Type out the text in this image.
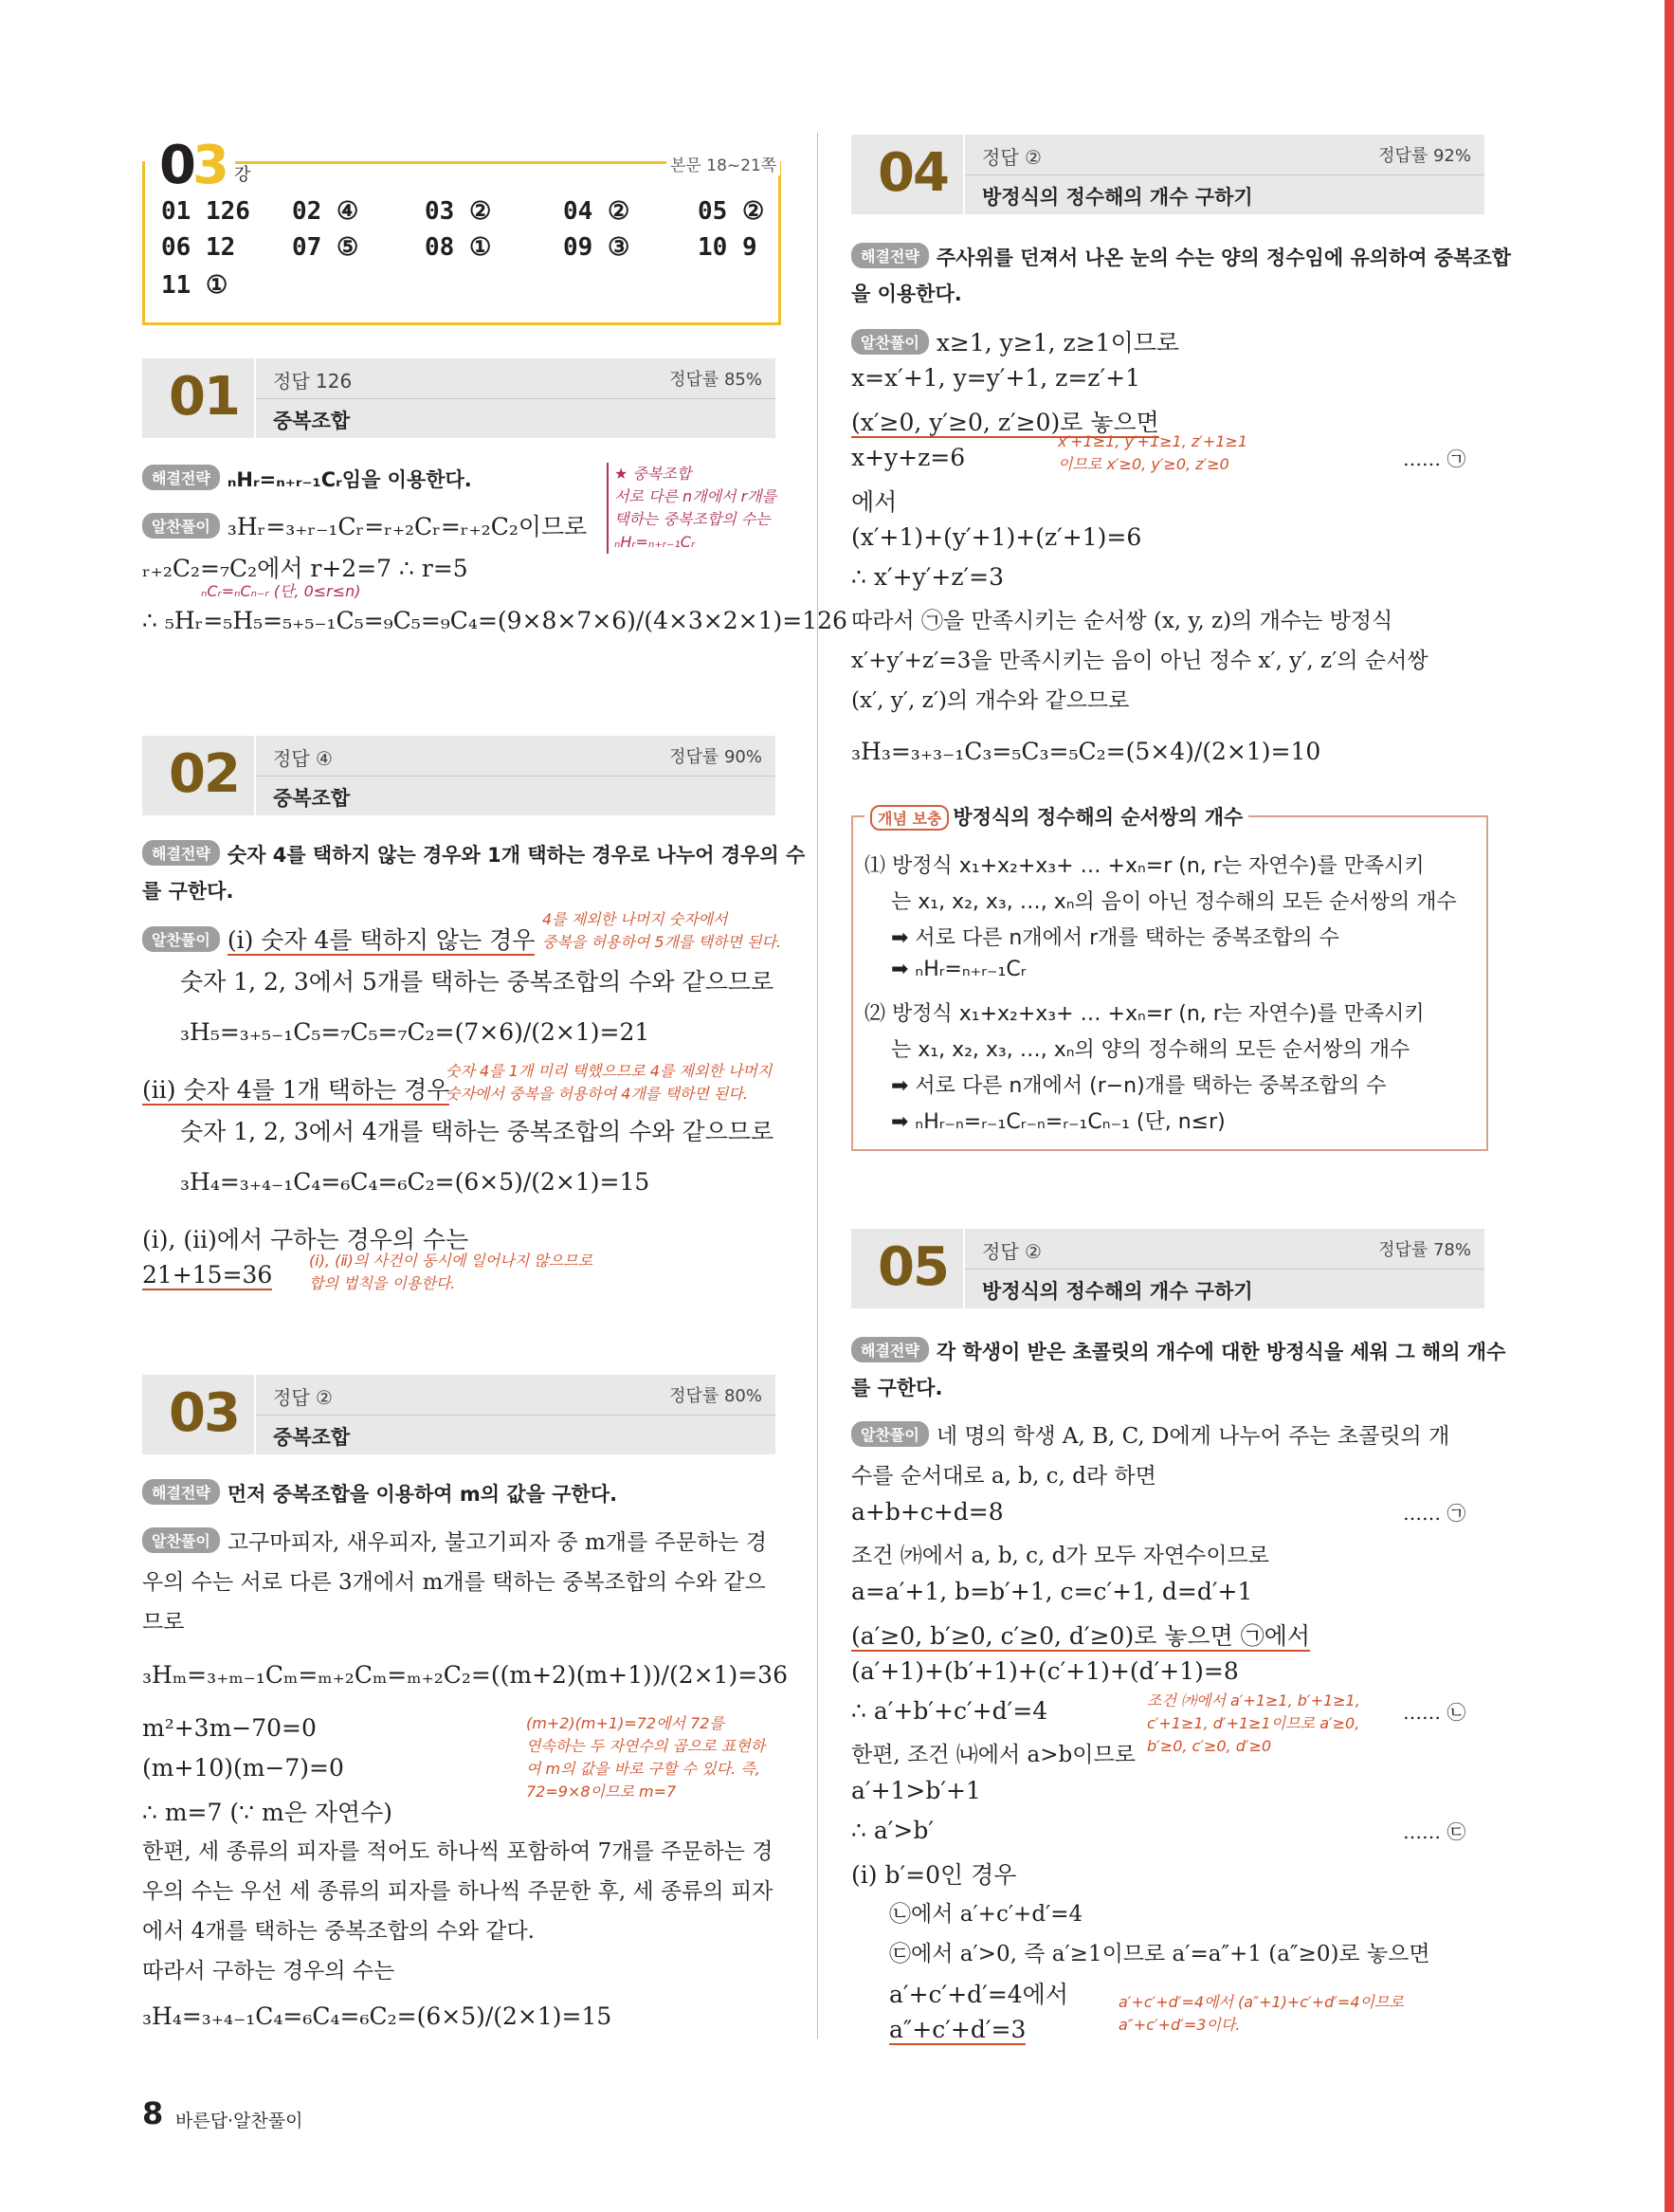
03 강	본문 18~21쪽
01 126 02 ④	03 ②	04 ②	05 ②
06 12 07 ⑤	08 ①	09 ③	10 9
11 ①
01 정답 126	정답률 85%
중복조합
해결전략 ₙHᵣ=ₙ₊ᵣ₋₁Cᵣ임을 이용한다.
알찬풀이 ₃Hᵣ=₃₊ᵣ₋₁Cᵣ=ᵣ₊₂Cᵣ=ᵣ₊₂C₂이므로
ᵣ₊₂C₂=₇C₂에서 r+2=7 ∴ r=5
ₙCᵣ=ₙCₙ₋ᵣ (단, 0≤r≤n)
∴ ₅Hᵣ=₅H₅=₅₊₅₋₁C₅=₉C₅=₉C₄=(9×8×7×6)/(4×3×2×1)=126
★ 중복조합
서로 다른 n개에서 r개를
택하는 중복조합의 수는
ₙHᵣ=ₙ₊ᵣ₋₁Cᵣ
02 정답 ④	정답률 90%
중복조합
해결전략 숫자 4를 택하지 않는 경우와 1개 택하는 경우로 나누어 경우의 수
를 구한다.
알찬풀이 (ⅰ) 숫자 4를 택하지 않는 경우
4를 제외한 나머지 숫자에서
중복을 허용하여 5개를 택하면 된다.
숫자 1, 2, 3에서 5개를 택하는 중복조합의 수와 같으므로
₃H₅=₃₊₅₋₁C₅=₇C₅=₇C₂=(7×6)/(2×1)=21
(ⅱ) 숫자 4를 1개 택하는 경우
숫자 4를 1개 미리 택했으므로 4를 제외한 나머지
숫자에서 중복을 허용하여 4개를 택하면 된다.
숫자 1, 2, 3에서 4개를 택하는 중복조합의 수와 같으므로
₃H₄=₃₊₄₋₁C₄=₆C₄=₆C₂=(6×5)/(2×1)=15
(ⅰ), (ⅱ)에서 구하는 경우의 수는
21+15=36
(ⅰ), (ⅱ)의 사건이 동시에 일어나지 않으므로
합의 법칙을 이용한다.
03 정답 ②	정답률 80%
중복조합
해결전략 먼저 중복조합을 이용하여 m의 값을 구한다.
알찬풀이 고구마피자, 새우피자, 불고기피자 중 m개를 주문하는 경
우의 수는 서로 다른 3개에서 m개를 택하는 중복조합의 수와 같으
므로
₃Hₘ=₃₊ₘ₋₁Cₘ=ₘ₊₂Cₘ=ₘ₊₂C₂=((m+2)(m+1))/(2×1)=36
m²+3m−70=0
(m+10)(m−7)=0
∴ m=7 (∵ m은 자연수)
(m+2)(m+1)=72에서 72를
연속하는 두 자연수의 곱으로 표현하
여 m의 값을 바로 구할 수 있다. 즉,
72=9×8이므로 m=7
한편, 세 종류의 피자를 적어도 하나씩 포함하여 7개를 주문하는 경
우의 수는 우선 세 종류의 피자를 하나씩 주문한 후, 세 종류의 피자
에서 4개를 택하는 중복조합의 수와 같다.
따라서 구하는 경우의 수는
₃H₄=₃₊₄₋₁C₄=₆C₄=₆C₂=(6×5)/(2×1)=15
04 정답 ②	정답률 92%
방정식의 정수해의 개수 구하기
해결전략 주사위를 던져서 나온 눈의 수는 양의 정수임에 유의하여 중복조합
을 이용한다.
알찬풀이 x≥1, y≥1, z≥1이므로
x=x′+1, y=y′+1, z=z′+1
(x′≥0, y′≥0, z′≥0)로 놓으면
x′+1≥1, y′+1≥1, z′+1≥1
이므로 x′≥0, y′≥0, z′≥0
x+y+z=6	…… ㉠
에서
(x′+1)+(y′+1)+(z′+1)=6
∴ x′+y′+z′=3
따라서 ㉠을 만족시키는 순서쌍 (x, y, z)의 개수는 방정식
x′+y′+z′=3을 만족시키는 음이 아닌 정수 x′, y′, z′의 순서쌍
(x′, y′, z′)의 개수와 같으므로
₃H₃=₃₊₃₋₁C₃=₅C₃=₅C₂=(5×4)/(2×1)=10
개념 보충 방정식의 정수해의 순서쌍의 개수
⑴ 방정식 x₁+x₂+x₃+ … +xₙ=r (n, r는 자연수)를 만족시키
는 x₁, x₂, x₃, …, xₙ의 음이 아닌 정수해의 모든 순서쌍의 개수
➡ 서로 다른 n개에서 r개를 택하는 중복조합의 수
➡ ₙHᵣ=ₙ₊ᵣ₋₁Cᵣ
⑵ 방정식 x₁+x₂+x₃+ … +xₙ=r (n, r는 자연수)를 만족시키
는 x₁, x₂, x₃, …, xₙ의 양의 정수해의 모든 순서쌍의 개수
➡ 서로 다른 n개에서 (r−n)개를 택하는 중복조합의 수
➡ ₙHᵣ₋ₙ=ᵣ₋₁Cᵣ₋ₙ=ᵣ₋₁Cₙ₋₁ (단, n≤r)
05 정답 ②	정답률 78%
방정식의 정수해의 개수 구하기
해결전략 각 학생이 받은 초콜릿의 개수에 대한 방정식을 세워 그 해의 개수
를 구한다.
알찬풀이 네 명의 학생 A, B, C, D에게 나누어 주는 초콜릿의 개
수를 순서대로 a, b, c, d라 하면
a+b+c+d=8	…… ㉠
조건 ㈎에서 a, b, c, d가 모두 자연수이므로
a=a′+1, b=b′+1, c=c′+1, d=d′+1
(a′≥0, b′≥0, c′≥0, d′≥0)로 놓으면 ㉠에서
(a′+1)+(b′+1)+(c′+1)+(d′+1)=8
∴ a′+b′+c′+d′=4	…… ㉡
조건 ㈎에서 a′+1≥1, b′+1≥1,
c′+1≥1, d′+1≥1이므로 a′≥0,
b′≥0, c′≥0, d′≥0
한편, 조건 ㈏에서 a>b이므로
a′+1>b′+1
∴ a′>b′	…… ㉢
(ⅰ) b′=0인 경우
㉡에서 a′+c′+d′=4
㉢에서 a′>0, 즉 a′≥1이므로 a′=a″+1 (a″≥0)로 놓으면
a′+c′+d′=4에서
a″+c′+d′=3
a′+c′+d′=4에서 (a″+1)+c′+d′=4이므로
a″+c′+d′=3이다.
8 바른답·알찬풀이
